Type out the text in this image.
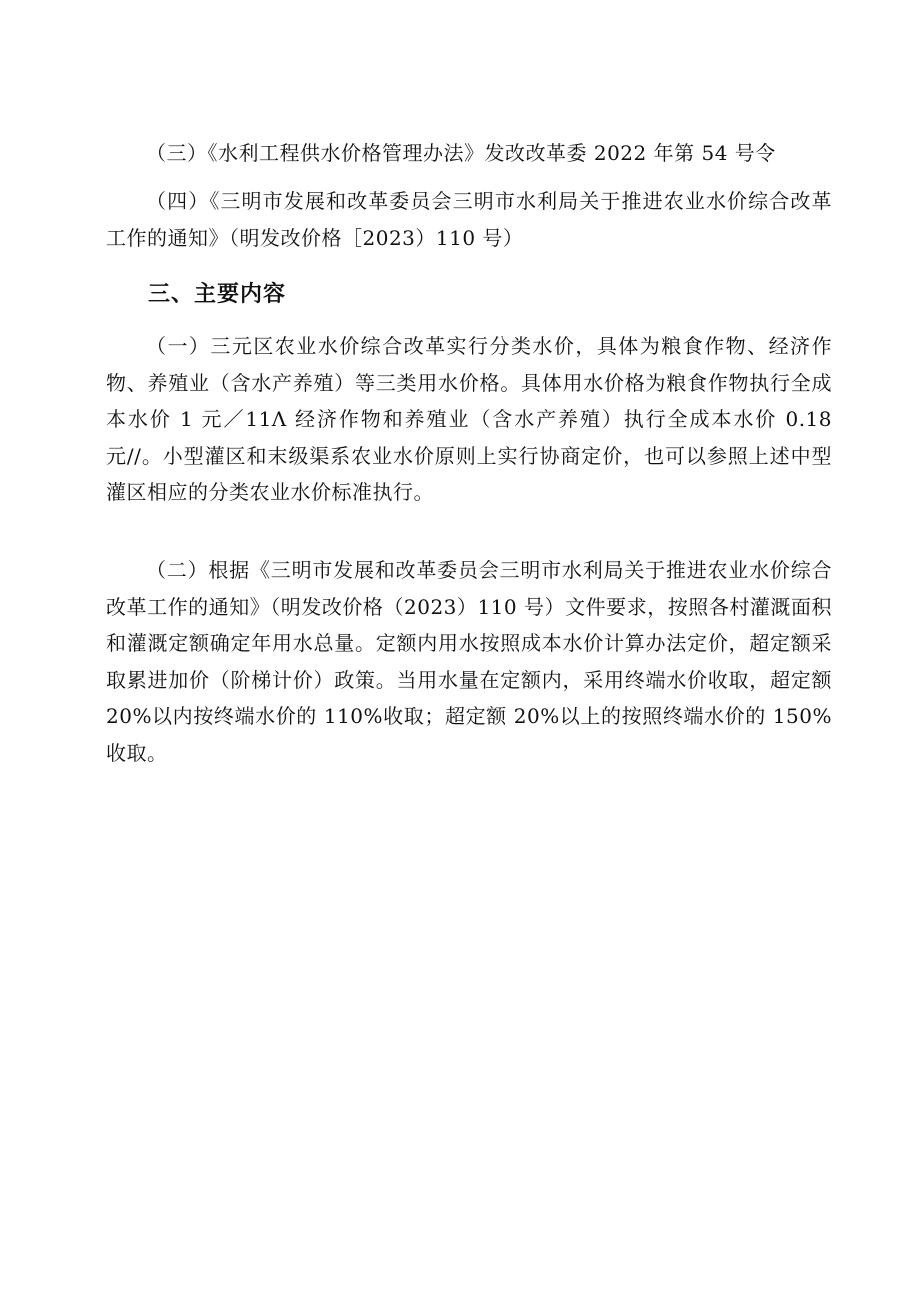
（三）《水利工程供水价格管理办法》发改改革委 2022 年第 54 号令

（四）《三明市发展和改革委员会三明市水利局关于推进农业水价综合改革工作的通知》（明发改价格［2023）110 号）

三、主要内容

（一）三元区农业水价综合改革实行分类水价，具体为粮食作物、经济作物、养殖业（含水产养殖）等三类用水价格。具体用水价格为粮食作物执行全成本水价 1 元／11Λ 经济作物和养殖业（含水产养殖）执行全成本水价 0.18 元//。小型灌区和末级渠系农业水价原则上实行协商定价，也可以参照上述中型灌区相应的分类农业水价标准执行。

（二）根据《三明市发展和改革委员会三明市水利局关于推进农业水价综合改革工作的通知》（明发改价格（2023）110 号）文件要求，按照各村灌溉面积和灌溉定额确定年用水总量。定额内用水按照成本水价计算办法定价，超定额采取累进加价（阶梯计价）政策。当用水量在定额内，采用终端水价收取，超定额 20%以内按终端水价的 110%收取；超定额 20%以上的按照终端水价的 150%收取。
